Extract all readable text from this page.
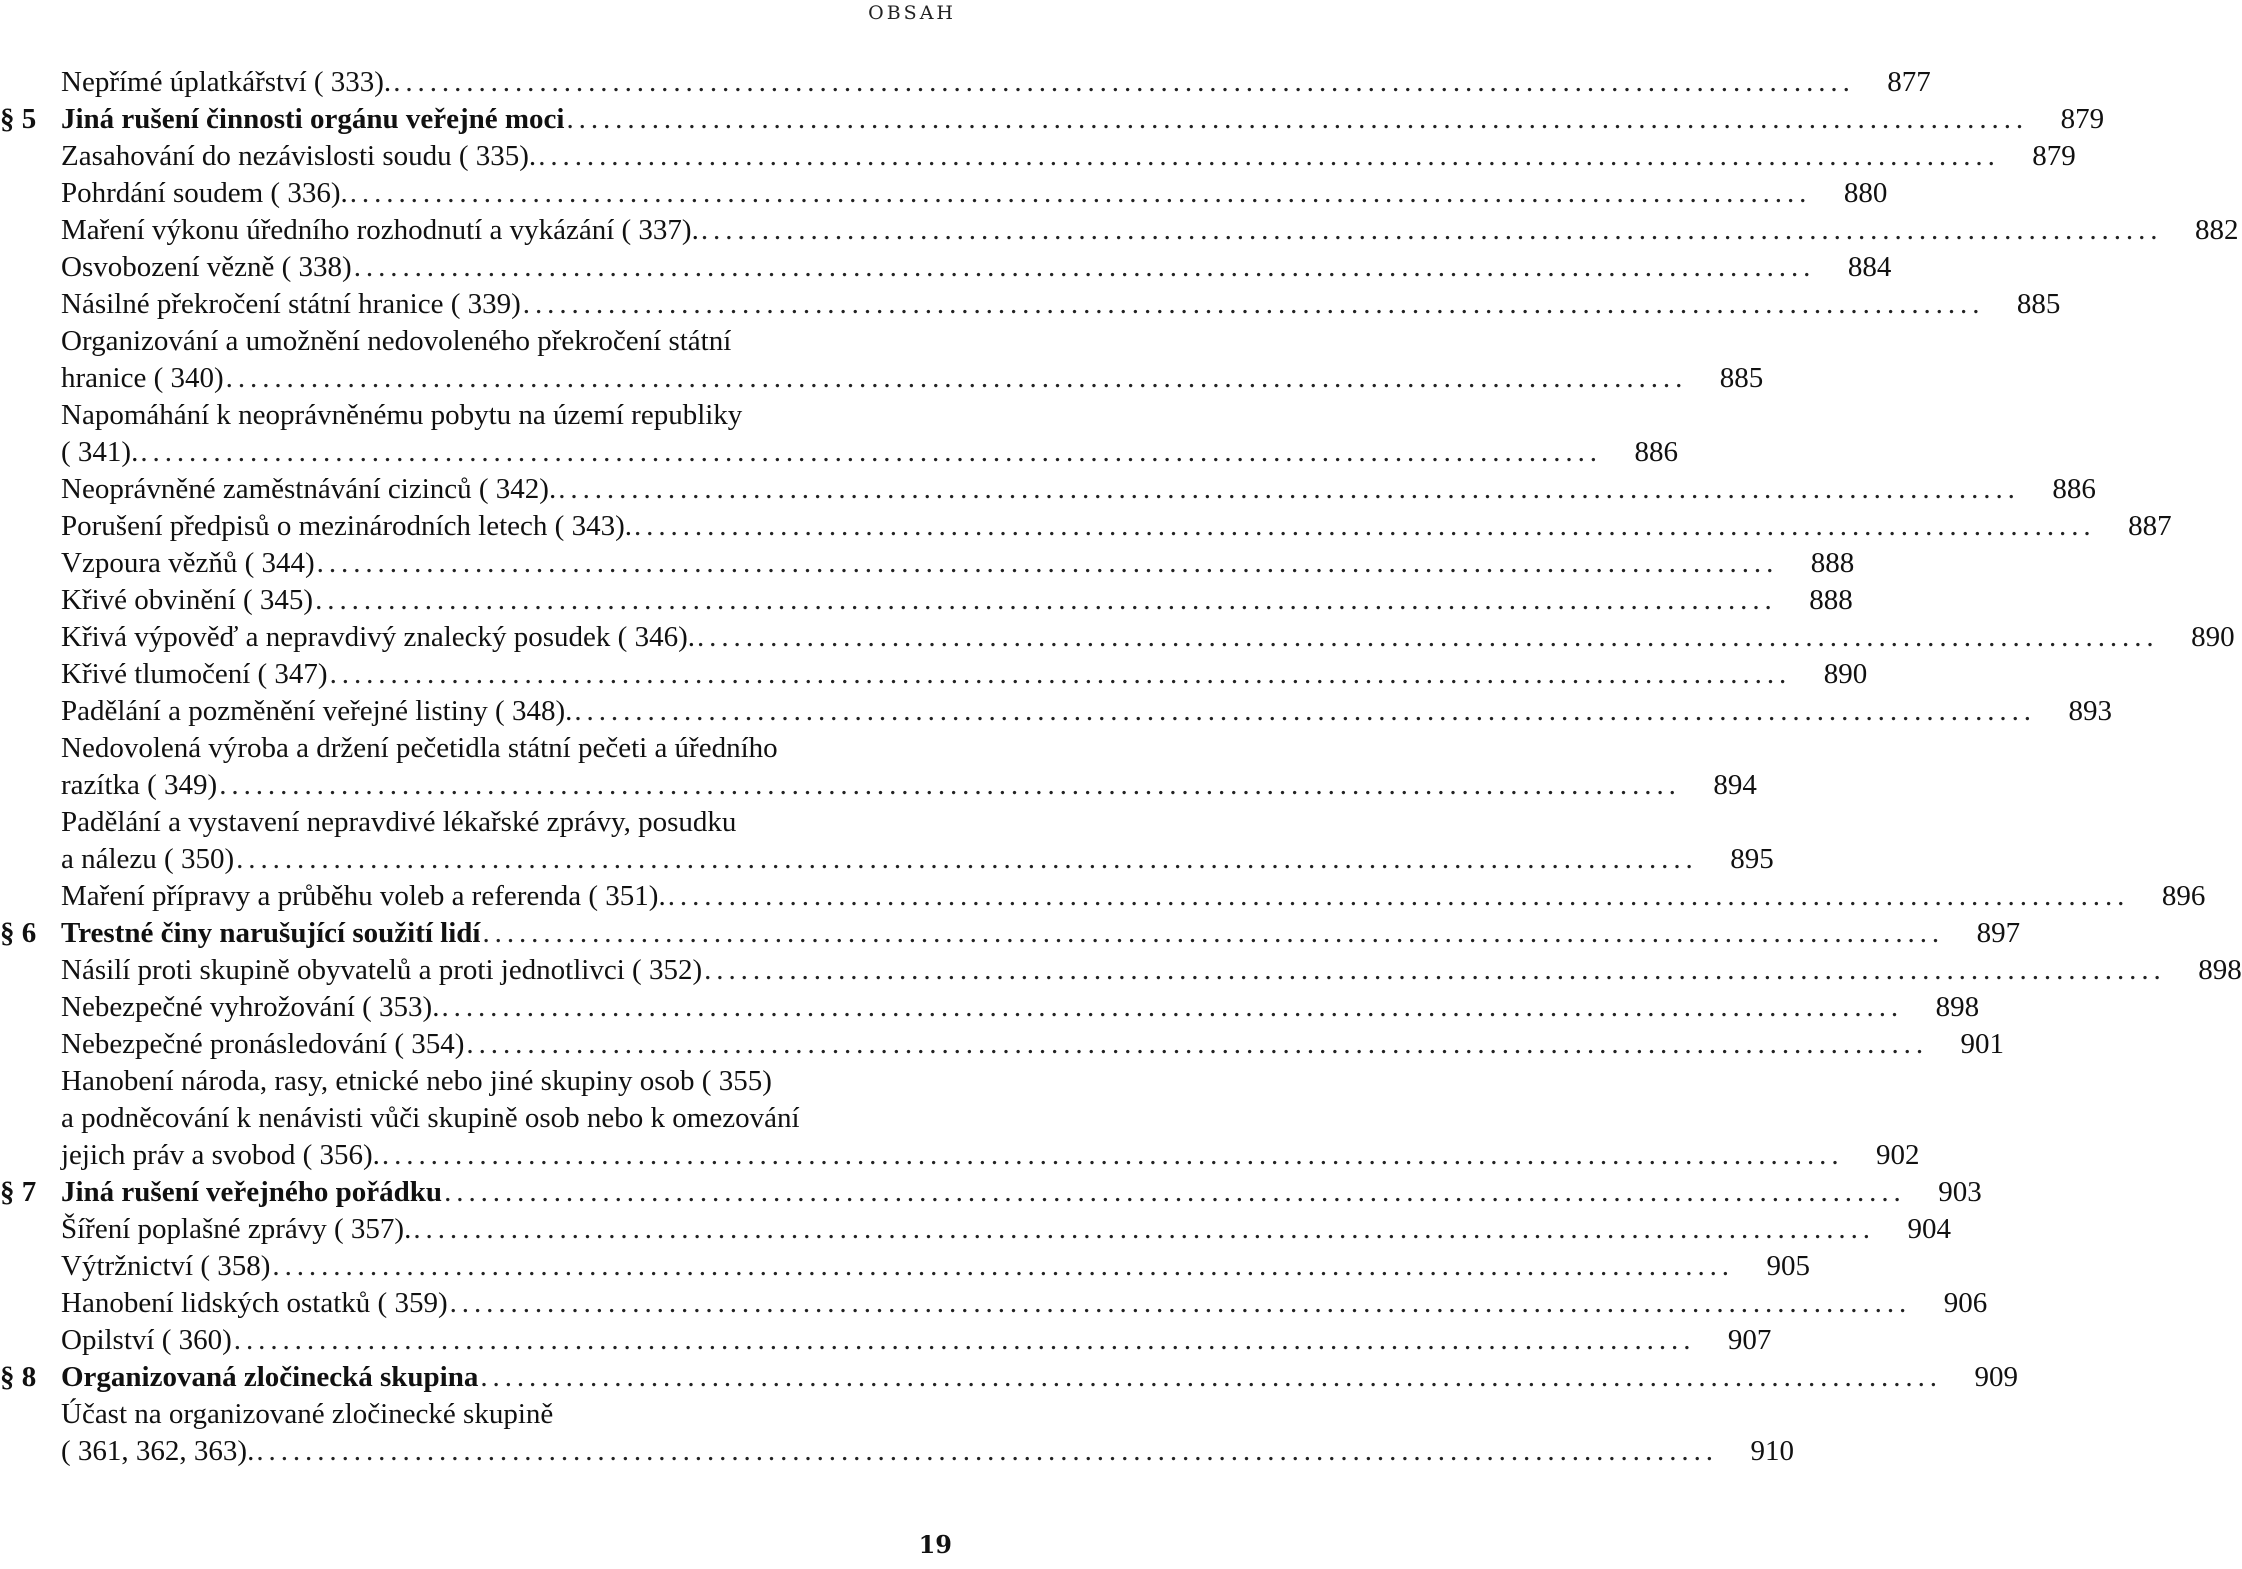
OBSAH
Nepřímé úplatkářství ( 333). ........................................................................................................................	877
§ 5 Jiná rušení činnosti orgánu veřejné moci ........................................................................................................................	879
Zasahování do nezávislosti soudu ( 335). ........................................................................................................................	879
Pohrdání soudem ( 336). ........................................................................................................................	880
Maření výkonu úředního rozhodnutí a vykázání ( 337). ........................................................................................................................	882
Osvobození vězně ( 338) ........................................................................................................................	884
Násilné překročení státní hranice ( 339) ........................................................................................................................	885
Organizování a umožnění nedovoleného překročení státní
hranice ( 340) ........................................................................................................................	885
Napomáhání k neoprávněnému pobytu na území republiky
( 341). ........................................................................................................................	886
Neoprávněné zaměstnávání cizinců ( 342). ........................................................................................................................	886
Porušení předpisů o mezinárodních letech ( 343). ........................................................................................................................	887
Vzpoura vězňů ( 344) ........................................................................................................................	888
Křivé obvinění ( 345) ........................................................................................................................	888
Křivá výpověď a nepravdivý znalecký posudek ( 346). ........................................................................................................................	890
Křivé tlumočení ( 347) ........................................................................................................................	890
Padělání a pozměnění veřejné listiny ( 348). ........................................................................................................................	893
Nedovolená výroba a držení pečetidla státní pečeti a úředního
razítka ( 349) ........................................................................................................................	894
Padělání a vystavení nepravdivé lékařské zprávy, posudku
a nálezu ( 350) ........................................................................................................................	895
Maření přípravy a průběhu voleb a referenda ( 351). ........................................................................................................................	896
§ 6 Trestné činy narušující soužití lidí ........................................................................................................................	897
Násilí proti skupině obyvatelů a proti jednotlivci ( 352) ........................................................................................................................	898
Nebezpečné vyhrožování ( 353). ........................................................................................................................	898
Nebezpečné pronásledování ( 354) ........................................................................................................................	901
Hanobení národa, rasy, etnické nebo jiné skupiny osob ( 355)
a podněcování k nenávisti vůči skupině osob nebo k omezování
jejich práv a svobod ( 356). ........................................................................................................................	902
§ 7 Jiná rušení veřejného pořádku ........................................................................................................................	903
Šíření poplašné zprávy ( 357). ........................................................................................................................	904
Výtržnictví ( 358) ........................................................................................................................	905
Hanobení lidských ostatků ( 359) ........................................................................................................................	906
Opilství ( 360) ........................................................................................................................	907
§ 8 Organizovaná zločinecká skupina ........................................................................................................................	909
Účast na organizované zločinecké skupině
( 361, 362, 363). ........................................................................................................................	910
19
